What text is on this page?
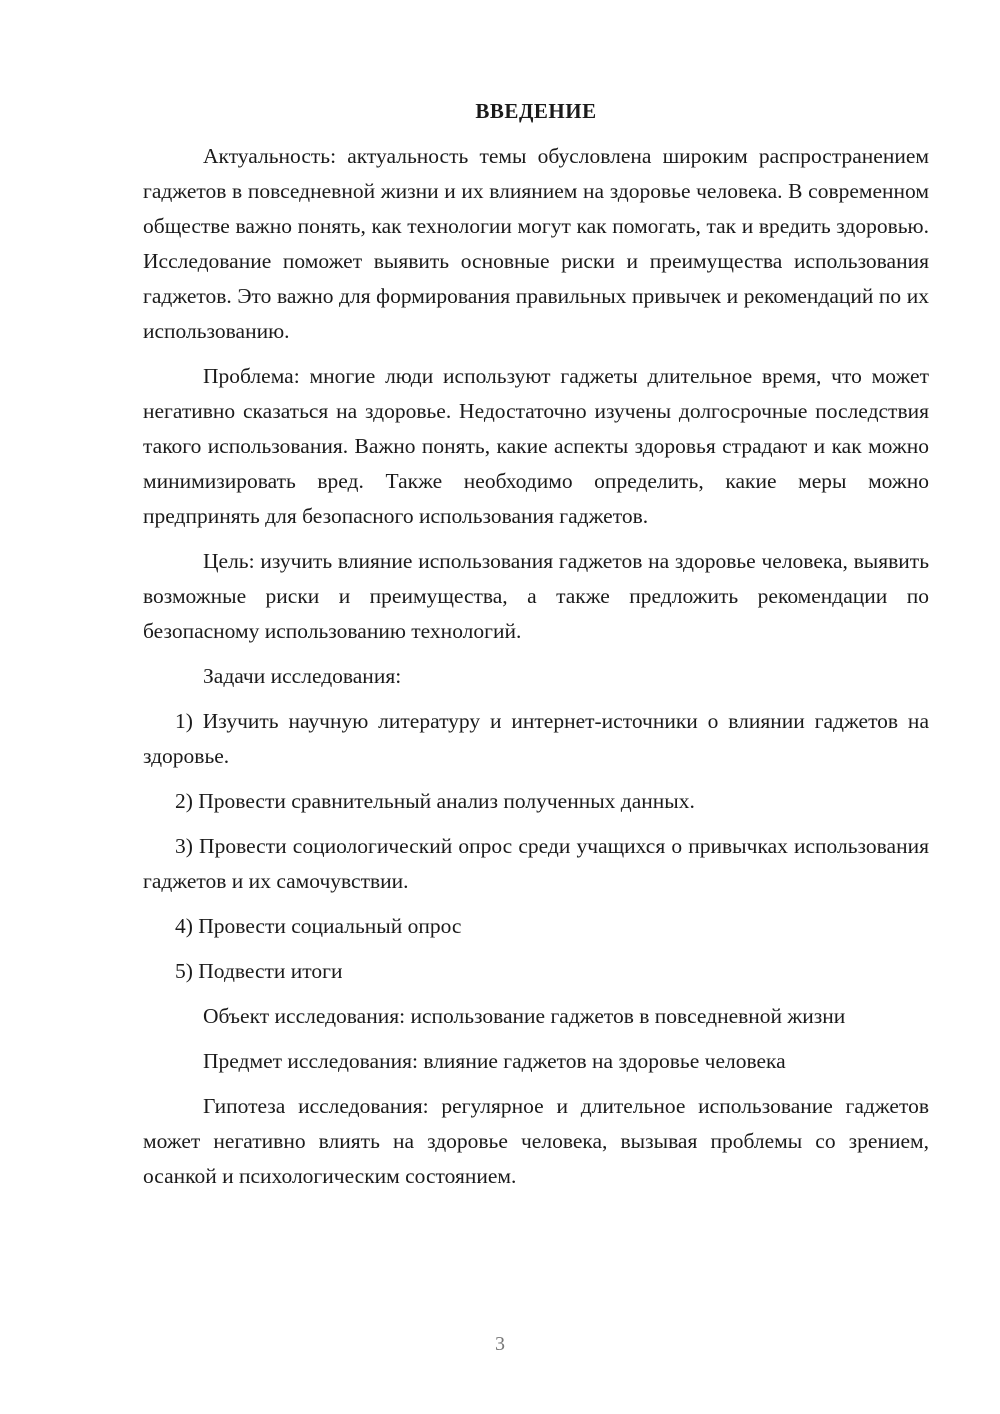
ВВЕДЕНИЕ

Актуальность: актуальность темы обусловлена широким распространением гаджетов в повседневной жизни и их влиянием на здоровье человека. В современном обществе важно понять, как технологии могут как помогать, так и вредить здоровью. Исследование поможет выявить основные риски и преимущества использования гаджетов. Это важно для формирования правильных привычек и рекомендаций по их использованию.

Проблема: многие люди используют гаджеты длительное время, что может негативно сказаться на здоровье. Недостаточно изучены долгосрочные последствия такого использования. Важно понять, какие аспекты здоровья страдают и как можно минимизировать вред. Также необходимо определить, какие меры можно предпринять для безопасного использования гаджетов.

Цель: изучить влияние использования гаджетов на здоровье человека, выявить возможные риски и преимущества, а также предложить рекомендации по безопасному использованию технологий.

Задачи исследования:

1) Изучить научную литературу и интернет-источники о влиянии гаджетов на здоровье.

2) Провести сравнительный анализ полученных данных.

3) Провести социологический опрос среди учащихся о привычках использования гаджетов и их самочувствии.

4) Провести социальный опрос

5) Подвести итоги

Объект исследования: использование гаджетов в повседневной жизни

Предмет исследования: влияние гаджетов на здоровье человека

Гипотеза исследования: регулярное и длительное использование гаджетов может негативно влиять на здоровье человека, вызывая проблемы со зрением, осанкой и психологическим состоянием.

3
